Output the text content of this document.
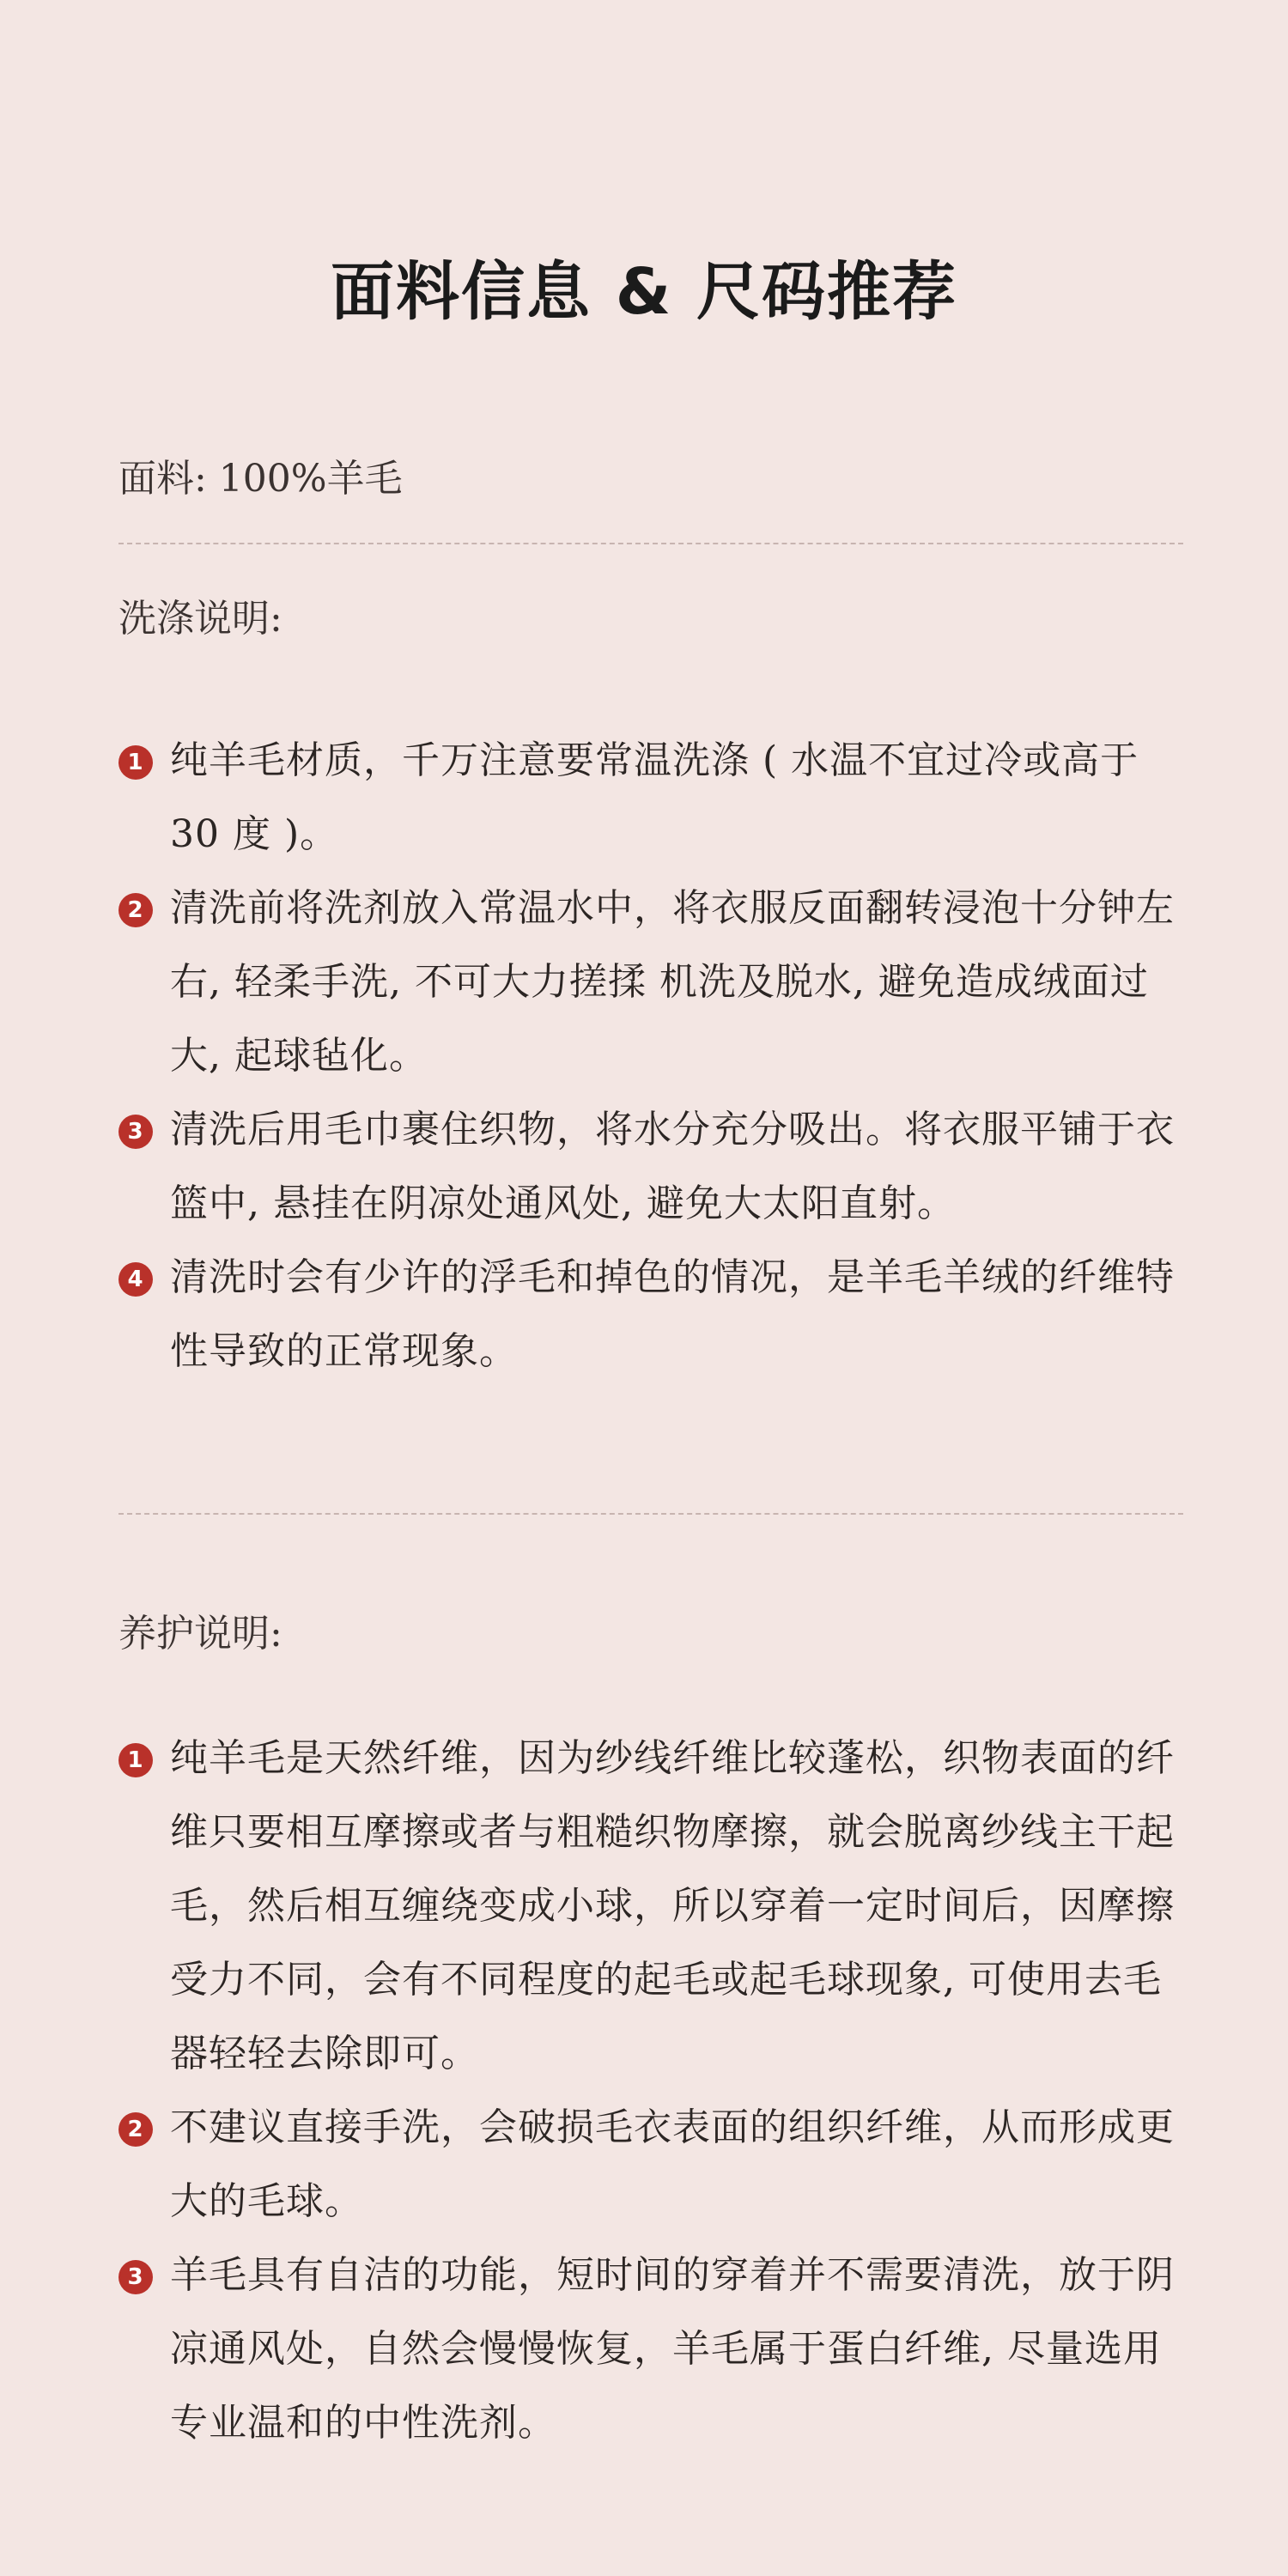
面料信息 & 尺码推荐
面料: 100%羊毛
洗涤说明:
1 纯羊毛材质，千万注意要常温洗涤 ( 水温不宜过冷或高于 30 度 )。
2 清洗前将洗剂放入常温水中，将衣服反面翻转浸泡十分钟左右, 轻柔手洗, 不可大力搓揉 机洗及脱水, 避免造成绒面过大, 起球毡化。
3 清洗后用毛巾裹住织物，将水分充分吸出。将衣服平铺于衣篮中, 悬挂在阴凉处通风处, 避免大太阳直射。
4 清洗时会有少许的浮毛和掉色的情况，是羊毛羊绒的纤维特性导致的正常现象。
养护说明:
1 纯羊毛是天然纤维，因为纱线纤维比较蓬松，织物表面的纤维只要相互摩擦或者与粗糙织物摩擦，就会脱离纱线主干起毛，然后相互缠绕变成小球，所以穿着一定时间后，因摩擦受力不同，会有不同程度的起毛或起毛球现象, 可使用去毛器轻轻去除即可。
2 不建议直接手洗，会破损毛衣表面的组织纤维，从而形成更大的毛球。
3 羊毛具有自洁的功能，短时间的穿着并不需要清洗，放于阴凉通风处，自然会慢慢恢复，羊毛属于蛋白纤维, 尽量选用专业温和的中性洗剂。
